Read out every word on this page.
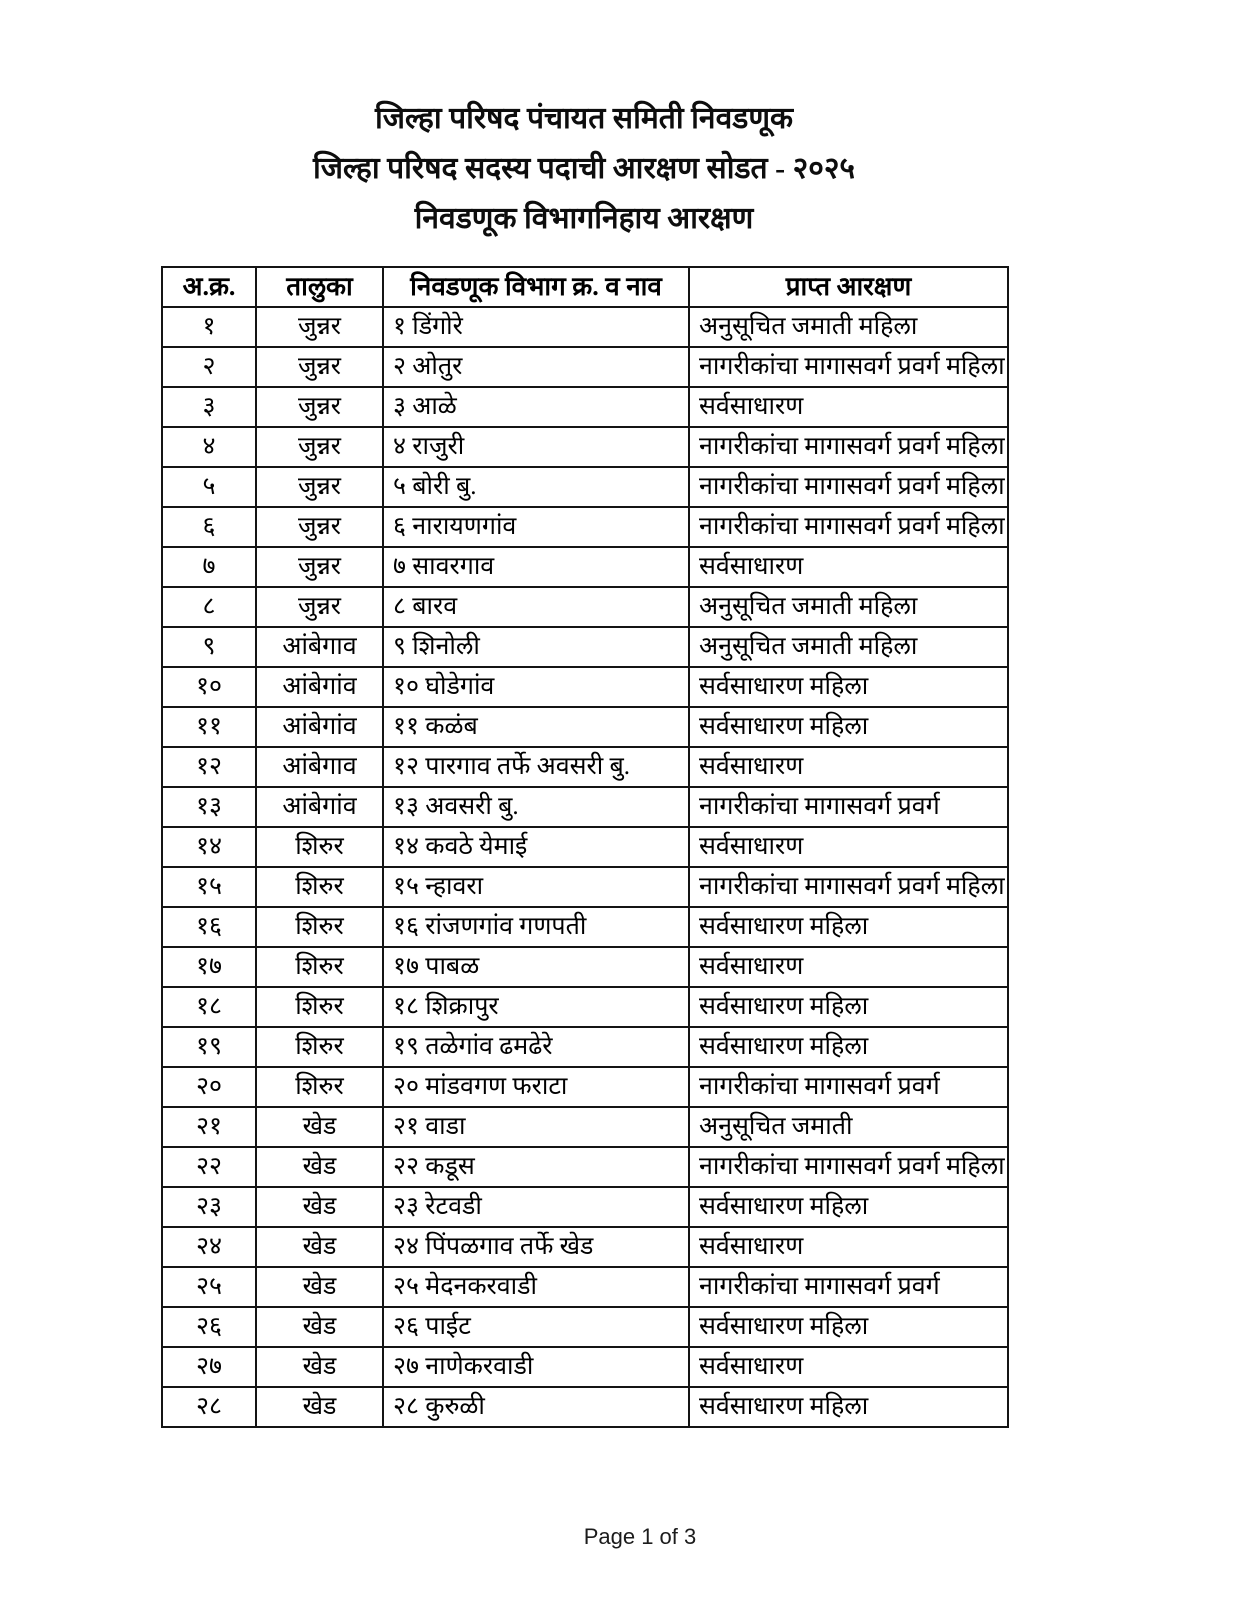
जिल्हा परिषद पंचायत समिती निवडणूक
जिल्हा परिषद सदस्य पदाची आरक्षण सोडत - २०२५
निवडणूक विभागनिहाय आरक्षण
अ.क्र.	तालुका	निवडणूक विभाग क्र. व नाव	प्राप्त आरक्षण
१	जुन्नर	१ डिंगोरे	अनुसूचित जमाती महिला
२	जुन्नर	२ ओतुर	नागरीकांचा मागासवर्ग प्रवर्ग महिला
३	जुन्नर	३ आळे	सर्वसाधारण
४	जुन्नर	४ राजुरी	नागरीकांचा मागासवर्ग प्रवर्ग महिला
५	जुन्नर	५ बोरी बु.	नागरीकांचा मागासवर्ग प्रवर्ग महिला
६	जुन्नर	६ नारायणगांव	नागरीकांचा मागासवर्ग प्रवर्ग महिला
७	जुन्नर	७ सावरगाव	सर्वसाधारण
८	जुन्नर	८ बारव	अनुसूचित जमाती महिला
९	आंबेगाव	९ शिनोली	अनुसूचित जमाती महिला
१०	आंबेगांव	१० घोडेगांव	सर्वसाधारण महिला
११	आंबेगांव	११ कळंब	सर्वसाधारण महिला
१२	आंबेगाव	१२ पारगाव तर्फे अवसरी बु.	सर्वसाधारण
१३	आंबेगांव	१३ अवसरी बु.	नागरीकांचा मागासवर्ग प्रवर्ग
१४	शिरुर	१४ कवठे येमाई	सर्वसाधारण
१५	शिरुर	१५ न्हावरा	नागरीकांचा मागासवर्ग प्रवर्ग महिला
१६	शिरुर	१६ रांजणगांव गणपती	सर्वसाधारण महिला
१७	शिरुर	१७ पाबळ	सर्वसाधारण
१८	शिरुर	१८ शिक्रापुर	सर्वसाधारण महिला
१९	शिरुर	१९ तळेगांव ढमढेरे	सर्वसाधारण महिला
२०	शिरुर	२० मांडवगण फराटा	नागरीकांचा मागासवर्ग प्रवर्ग
२१	खेड	२१ वाडा	अनुसूचित जमाती
२२	खेड	२२ कडूस	नागरीकांचा मागासवर्ग प्रवर्ग महिला
२३	खेड	२३ रेटवडी	सर्वसाधारण महिला
२४	खेड	२४ पिंपळगाव तर्फे खेड	सर्वसाधारण
२५	खेड	२५ मेदनकरवाडी	नागरीकांचा मागासवर्ग प्रवर्ग
२६	खेड	२६ पाईट	सर्वसाधारण महिला
२७	खेड	२७ नाणेकरवाडी	सर्वसाधारण
२८	खेड	२८ कुरुळी	सर्वसाधारण महिला
Page 1 of 3
